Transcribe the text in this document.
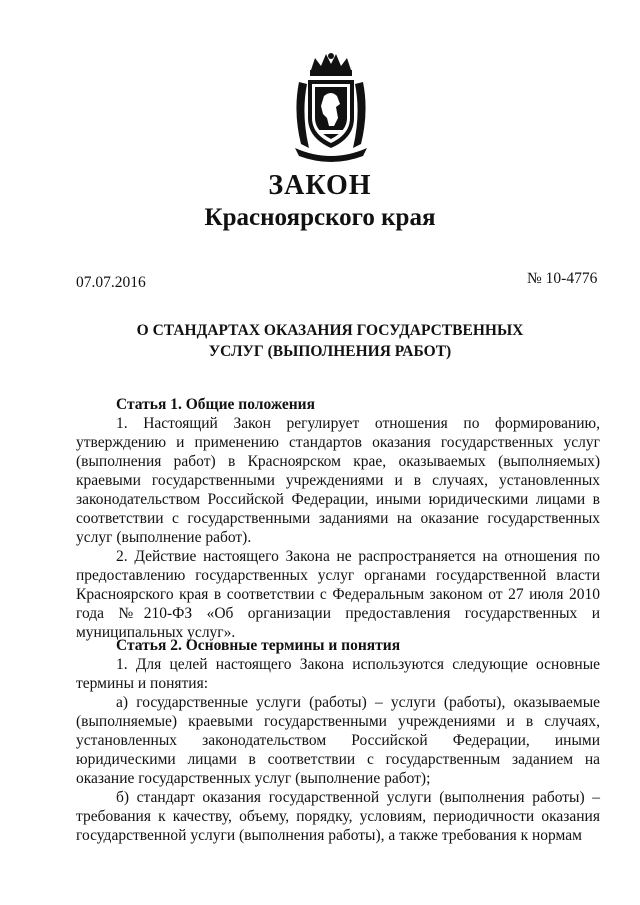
ЗАКОН
Красноярского края
07.07.2016	№ 10-4776
О СТАНДАРТАХ ОКАЗАНИЯ ГОСУДАРСТВЕННЫХ
УСЛУГ (ВЫПОЛНЕНИЯ РАБОТ)

Статья 1. Общие положения

1. Настоящий Закон регулирует отношения по формированию, утверждению и применению стандартов оказания государственных услуг (выполнения работ) в Красноярском крае, оказываемых (выполняемых) краевыми государственными учреждениями и в случаях, установленных законодательством Российской Федерации, иными юридическими лицами в соответствии с государственными заданиями на оказание государственных услуг (выполнение работ).

2. Действие настоящего Закона не распространяется на отношения по предоставлению государственных услуг органами государственной власти Красноярского края в соответствии с Федеральным законом от 27 июля 2010 года №210-ФЗ «Об организации предоставления государственных и муниципальных услуг».

Статья 2. Основные термины и понятия

1. Для целей настоящего Закона используются следующие основные термины и понятия:

а) государственные услуги (работы) – услуги (работы), оказываемые (выполняемые) краевыми государственными учреждениями и в случаях, установленных законодательством Российской Федерации, иными юридическими лицами в соответствии с государственным заданием на оказание государственных услуг (выполнение работ);

б) стандарт оказания государственной услуги (выполнения работы) – требования к качеству, объему, порядку, условиям, периодичности оказания государственной услуги (выполнения работы), а также требования к нормам
